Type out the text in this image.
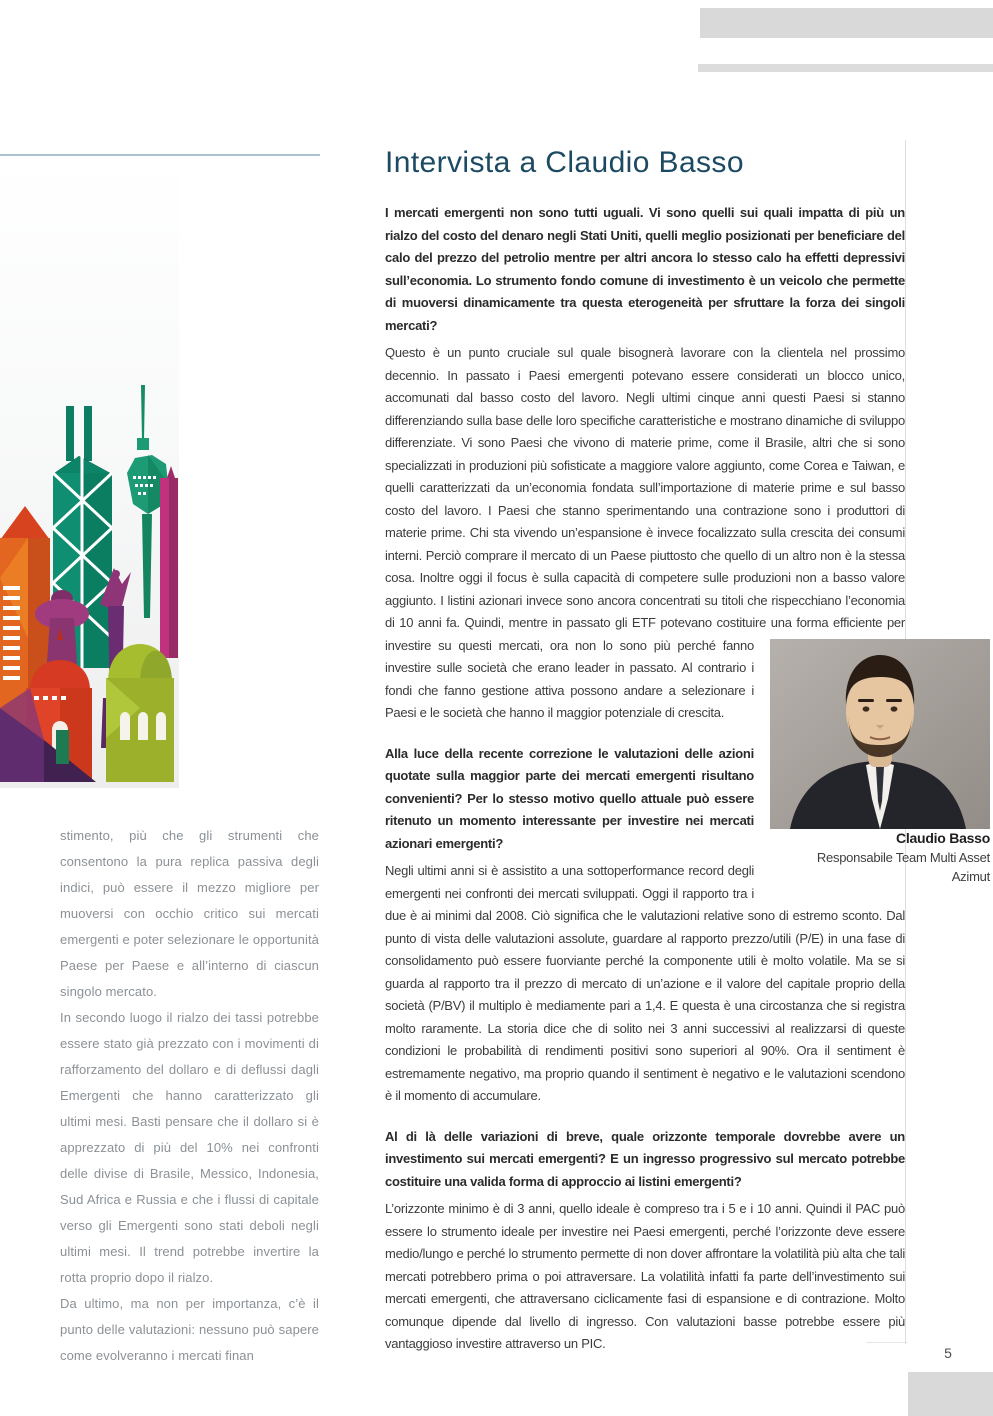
stimento, più che gli strumenti che consentono la pura replica passiva degli indici, può essere il mezzo migliore per muoversi con occhio critico sui mercati emergenti e poter selezionare le opportunità Paese per Paese e all’interno di ciascun singolo mercato.

In secondo luogo il rialzo dei tassi potrebbe essere stato già prezzato con i movimenti di rafforzamento del dollaro e di deflussi dagli Emergenti che hanno caratterizzato gli ultimi mesi. Basti pensare che il dollaro si è apprezzato di più del 10% nei confronti delle divise di Brasile, Messico, Indonesia, Sud Africa e Russia e che i flussi di capitale verso gli Emergenti sono stati deboli negli ultimi mesi. Il trend potrebbe invertire la rotta proprio dopo il rialzo.

Da ultimo, ma non per importanza, c’è il punto delle valutazioni: nessuno può sapere come evolveranno i mercati finan

Intervista a Claudio Basso

I mercati emergenti non sono tutti uguali. Vi sono quelli sui quali impatta di più un rialzo del costo del denaro negli Stati Uniti, quelli meglio posizionati per beneficiare del calo del prezzo del petrolio mentre per altri ancora lo stesso calo ha effetti depressivi sull’economia. Lo strumento fondo comune di investimento è un veicolo che permette di muoversi dinamicamente tra questa eterogeneità per sfruttare la forza dei singoli mercati?

Questo è un punto cruciale sul quale bisognerà lavorare con la clientela nel prossimo decennio. In passato i Paesi emergenti potevano essere considerati un blocco unico, accomunati dal basso costo del lavoro. Negli ultimi cinque anni questi Paesi si stanno differenziando sulla base delle loro specifiche caratteristiche e mostrano dinamiche di sviluppo differenziate. Vi sono Paesi che vivono di materie prime, come il Brasile, altri che si sono specializzati in produzioni più sofisticate a maggiore valore aggiunto, come Corea e Taiwan, e quelli caratterizzati da un’economia fondata sull’importazione di materie prime e sul basso costo del lavoro. I Paesi che stanno sperimentando una contrazione sono i produttori di materie prime. Chi sta vivendo un’espansione è invece focalizzato sulla crescita dei consumi interni. Perciò comprare il mercato di un Paese piuttosto che quello di un altro non è la stessa cosa. Inoltre oggi il focus è sulla capacità di competere sulle produzioni non a basso valore aggiunto. I listini azionari invece sono ancora concentrati su titoli che rispecchiano l’economia di 10 anni fa. Quindi, mentre in passato gli ETF potevano costituire una forma efficiente per investire su questi
Claudio Basso
Responsabile Team Multi Asset
Azimut
mercati, ora non lo sono più perché fanno investire sulle società che erano leader in passato. Al contrario i fondi che fanno gestione attiva possono andare a selezionare i Paesi e le società che hanno il maggior potenziale di crescita.

Alla luce della recente correzione le valutazioni delle azioni quotate sulla maggior parte dei mercati emergenti risultano convenienti? Per lo stesso motivo quello attuale può essere ritenuto un momento interessante per investire nei mercati azionari emergenti?

Negli ultimi anni si è assistito a una sottoperformance record degli emergenti nei confronti dei mercati sviluppati. Oggi il rapporto tra i due è ai minimi dal 2008. Ciò significa che le valutazioni relative sono di estremo sconto. Dal punto di vista delle valutazioni assolute, guardare al rapporto prezzo/utili (P/E) in una fase di consolidamento può essere fuorviante perché la componente utili è molto volatile. Ma se si guarda al rapporto tra il prezzo di mercato di un’azione e il valore del capitale proprio della società (P/BV) il multiplo è mediamente pari a 1,4. E questa è una circostanza che si registra molto raramente. La storia dice che di solito nei 3 anni successivi al realizzarsi di queste condizioni le probabilità di rendimenti positivi sono superiori al 90%. Ora il sentiment è estremamente negativo, ma proprio quando il sentiment è negativo e le valutazioni scendono è il momento di accumulare.

Al di là delle variazioni di breve, quale orizzonte temporale dovrebbe avere un investimento sui mercati emergenti? E un ingresso progressivo sul mercato potrebbe costituire una valida forma di approccio ai listini emergenti?

L’orizzonte minimo è di 3 anni, quello ideale è compreso tra i 5 e i 10 anni. Quindi il PAC può essere lo strumento ideale per investire nei Paesi emergenti, perché l’orizzonte deve essere medio/lungo e perché lo strumento permette di non dover affrontare la volatilità più alta che tali mercati potrebbero prima o poi attraversare. La volatilità infatti fa parte dell’investimento sui mercati emergenti, che attraversano ciclicamente fasi di espansione e di contrazione. Molto comunque dipende dal livello di ingresso. Con valutazioni basse potrebbe essere più vantaggioso investire attraverso un PIC.

5
